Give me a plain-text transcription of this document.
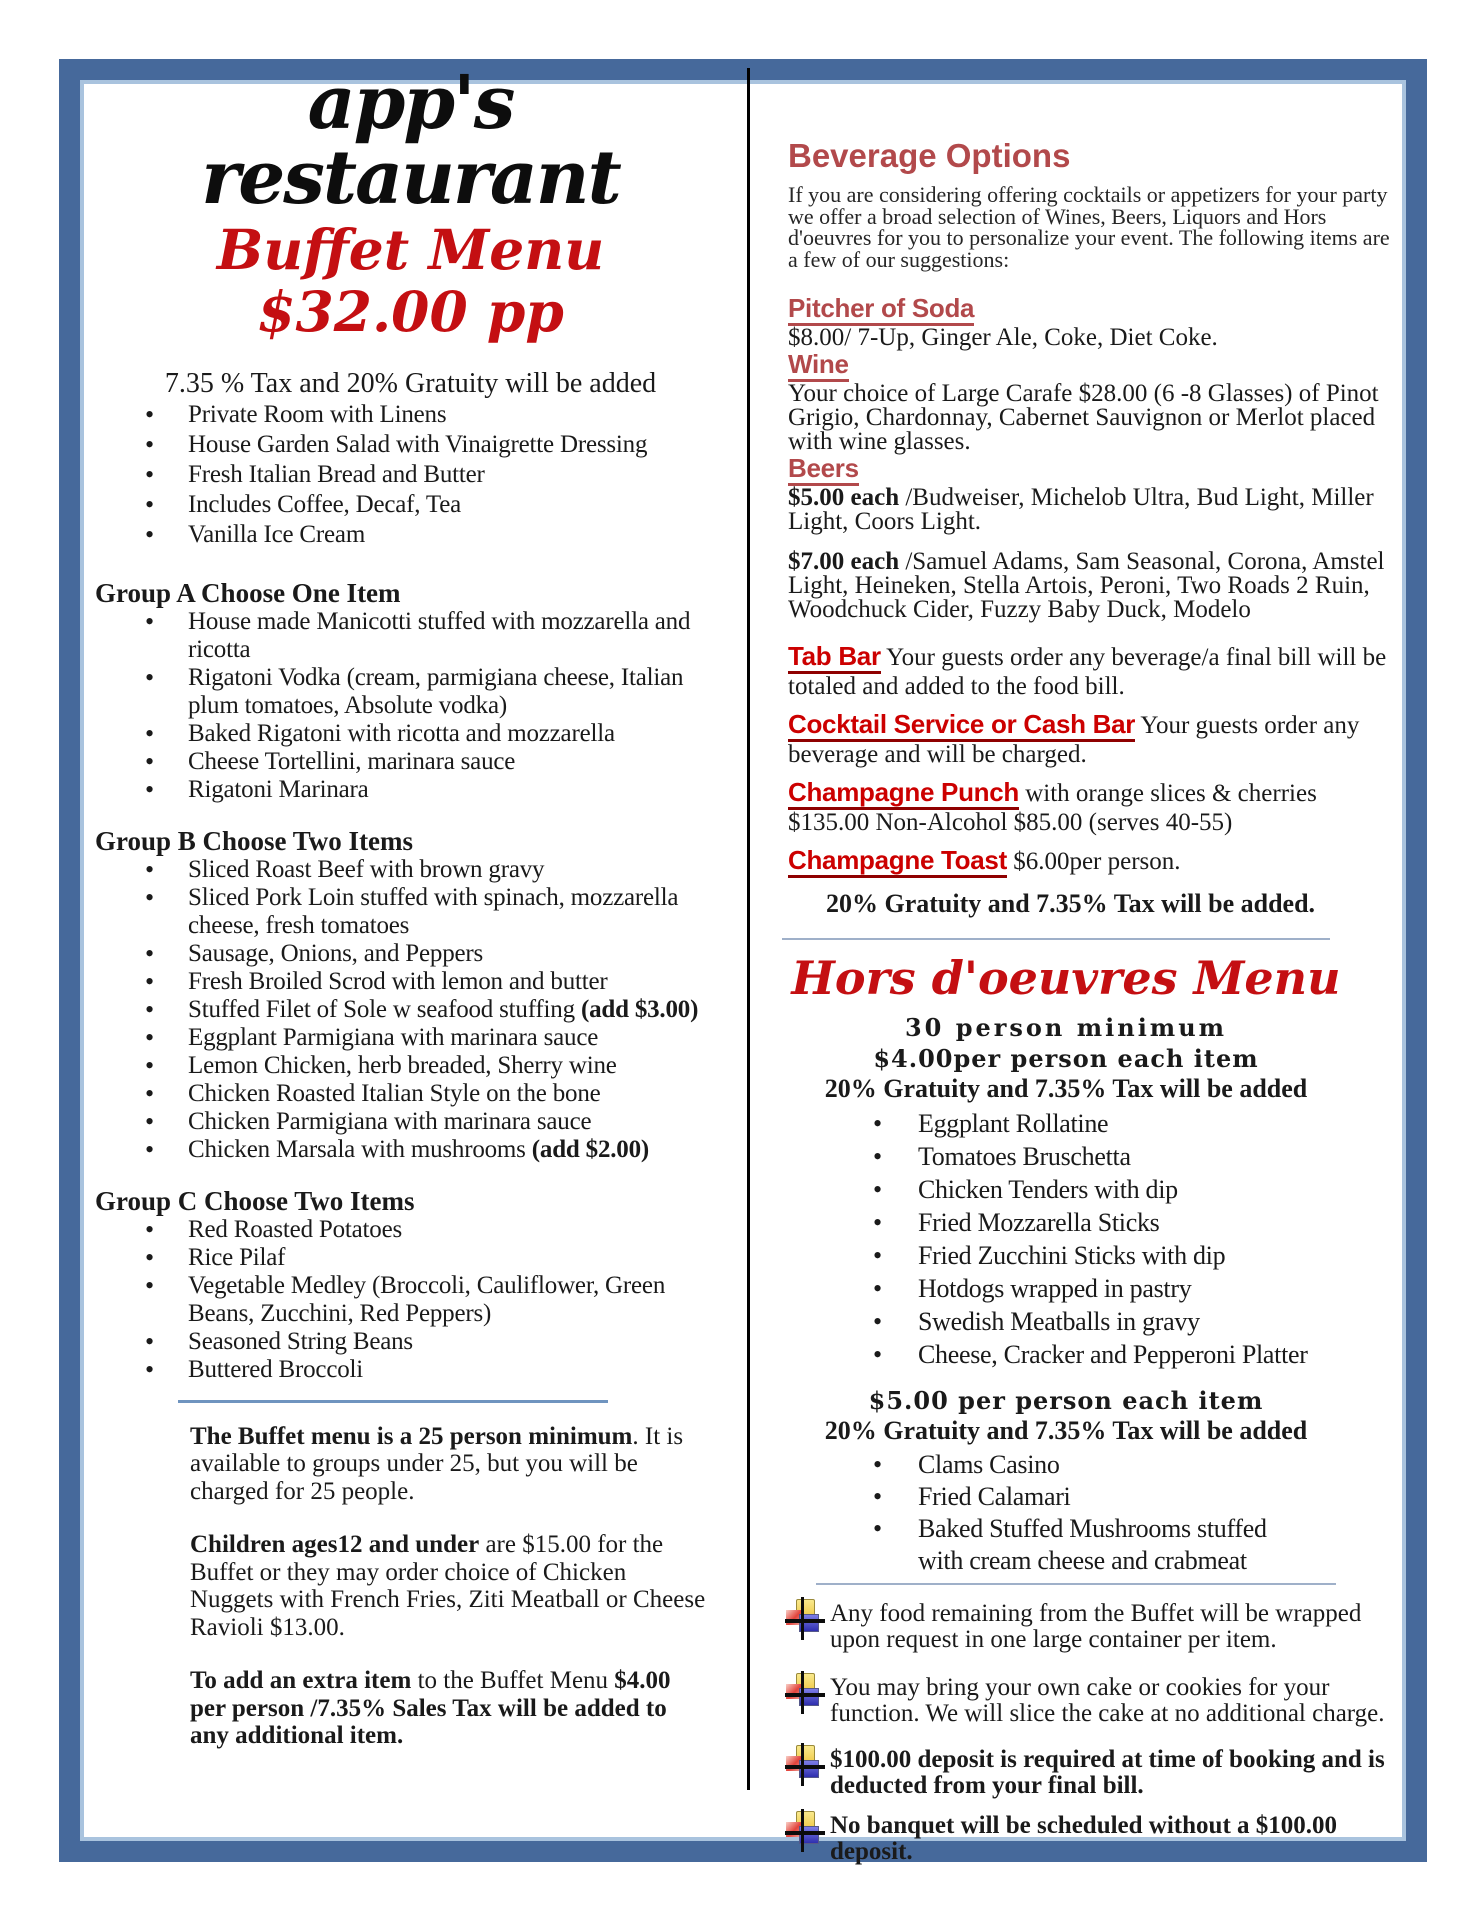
app's restaurant
Buffet Menu
$32.00 pp
7.35 % Tax and 20% Gratuity will be added
• Private Room with Linens
• House Garden Salad with Vinaigrette Dressing
• Fresh Italian Bread and Butter
• Includes Coffee, Decaf, Tea
• Vanilla Ice Cream
Group A Choose One Item
• House made Manicotti stuffed with mozzarella and ricotta
• Rigatoni Vodka (cream, parmigiana cheese, Italian plum tomatoes, Absolute vodka)
• Baked Rigatoni with ricotta and mozzarella
• Cheese Tortellini, marinara sauce
• Rigatoni Marinara
Group B Choose Two Items
• Sliced Roast Beef with brown gravy
• Sliced Pork Loin stuffed with spinach, mozzarella cheese, fresh tomatoes
• Sausage, Onions, and Peppers
• Fresh Broiled Scrod with lemon and butter
• Stuffed Filet of Sole w seafood stuffing (add $3.00)
• Eggplant Parmigiana with marinara sauce
• Lemon Chicken, herb breaded, Sherry wine
• Chicken Roasted Italian Style on the bone
• Chicken Parmigiana with marinara sauce
• Chicken Marsala with mushrooms (add $2.00)
Group C Choose Two Items
• Red Roasted Potatoes
• Rice Pilaf
• Vegetable Medley (Broccoli, Cauliflower, Green Beans, Zucchini, Red Peppers)
• Seasoned String Beans
• Buttered Broccoli
The Buffet menu is a 25 person minimum. It is available to groups under 25, but you will be charged for 25 people.
Children ages12 and under are $15.00 for the Buffet or they may order choice of Chicken Nuggets with French Fries, Ziti Meatball or Cheese Ravioli $13.00.
To add an extra item to the Buffet Menu $4.00 per person /7.35% Sales Tax will be added to any additional item.
Beverage Options
If you are considering offering cocktails or appetizers for your party we offer a broad selection of Wines, Beers, Liquors and Hors d'oeuvres for you to personalize your event. The following items are a few of our suggestions:
Pitcher of Soda
$8.00/ 7-Up, Ginger Ale, Coke, Diet Coke.
Wine
Your choice of Large Carafe $28.00 (6 -8 Glasses) of Pinot Grigio, Chardonnay, Cabernet Sauvignon or Merlot placed with wine glasses.
Beers
$5.00 each /Budweiser, Michelob Ultra, Bud Light, Miller Light, Coors Light.
$7.00 each /Samuel Adams, Sam Seasonal, Corona, Amstel Light, Heineken, Stella Artois, Peroni, Two Roads 2 Ruin, Woodchuck Cider, Fuzzy Baby Duck, Modelo
Tab Bar Your guests order any beverage/a final bill will be totaled and added to the food bill.
Cocktail Service or Cash Bar Your guests order any beverage and will be charged.
Champagne Punch with orange slices & cherries $135.00 Non-Alcohol $85.00 (serves 40-55)
Champagne Toast $6.00per person.
20% Gratuity and 7.35% Tax will be added.
Hors d'oeuvres Menu
30 person minimum
$4.00per person each item
20% Gratuity and 7.35% Tax will be added
• Eggplant Rollatine
• Tomatoes Bruschetta
• Chicken Tenders with dip
• Fried Mozzarella Sticks
• Fried Zucchini Sticks with dip
• Hotdogs wrapped in pastry
• Swedish Meatballs in gravy
• Cheese, Cracker and Pepperoni Platter
$5.00 per person each item
20% Gratuity and 7.35% Tax will be added
• Clams Casino
• Fried Calamari
• Baked Stuffed Mushrooms stuffed with cream cheese and crabmeat
Any food remaining from the Buffet will be wrapped upon request in one large container per item.
You may bring your own cake or cookies for your function. We will slice the cake at no additional charge.
$100.00 deposit is required at time of booking and is deducted from your final bill.
No banquet will be scheduled without a $100.00 deposit.
